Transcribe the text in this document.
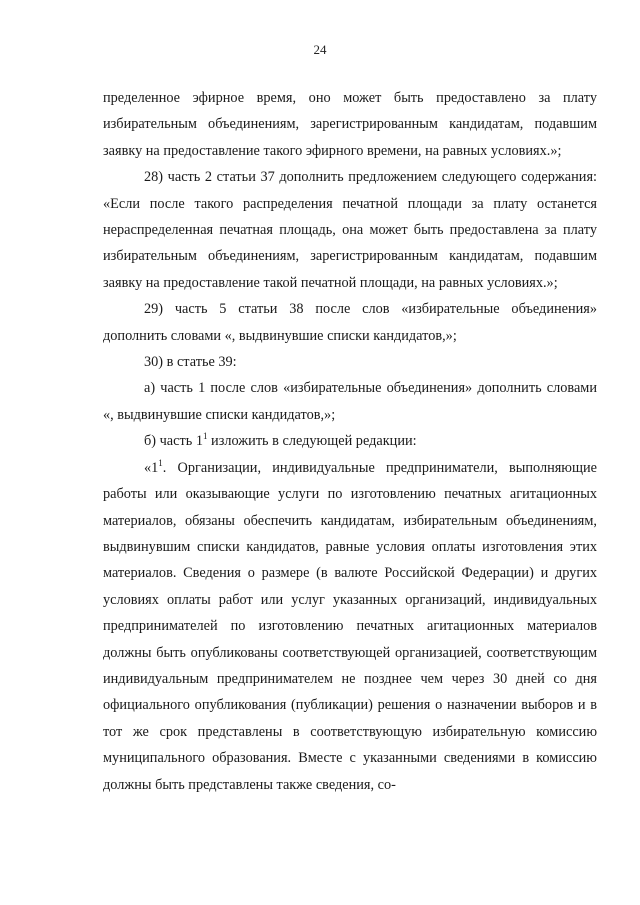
24

пределенное эфирное время, оно может быть предоставлено за плату избирательным объединениям, зарегистрированным кандидатам, подавшим заявку на предоставление такого эфирного времени, на равных условиях.»;

28) часть 2 статьи 37 дополнить предложением следующего содержания: «Если после такого распределения печатной площади за плату останется нераспределенная печатная площадь, она может быть предоставлена за плату избирательным объединениям, зарегистрированным кандидатам, подавшим заявку на предоставление такой печатной площади, на равных условиях.»;

29) часть 5 статьи 38 после слов «избирательные объединения» дополнить словами «, выдвинувшие списки кандидатов,»;

30) в статье 39:

а) часть 1 после слов «избирательные объединения» дополнить словами «, выдвинувшие списки кандидатов,»;

б) часть $1^1$ изложить в следующей редакции:

«$1^1$. Организации, индивидуальные предприниматели, выполняющие работы или оказывающие услуги по изготовлению печатных агитационных материалов, обязаны обеспечить кандидатам, избирательным объединениям, выдвинувшим списки кандидатов, равные условия оплаты изготовления этих материалов. Сведения о размере (в валюте Российской Федерации) и других условиях оплаты работ или услуг указанных организаций, индивидуальных предпринимателей по изготовлению печатных агитационных материалов должны быть опубликованы соответствующей организацией, соответствующим индивидуальным предпринимателем не позднее чем через 30 дней со дня официального опубликования (публикации) решения о назначении выборов и в тот же срок представлены в соответствующую избирательную комиссию муниципального образования. Вместе с указанными сведениями в комиссию должны быть представлены также сведения, со-
